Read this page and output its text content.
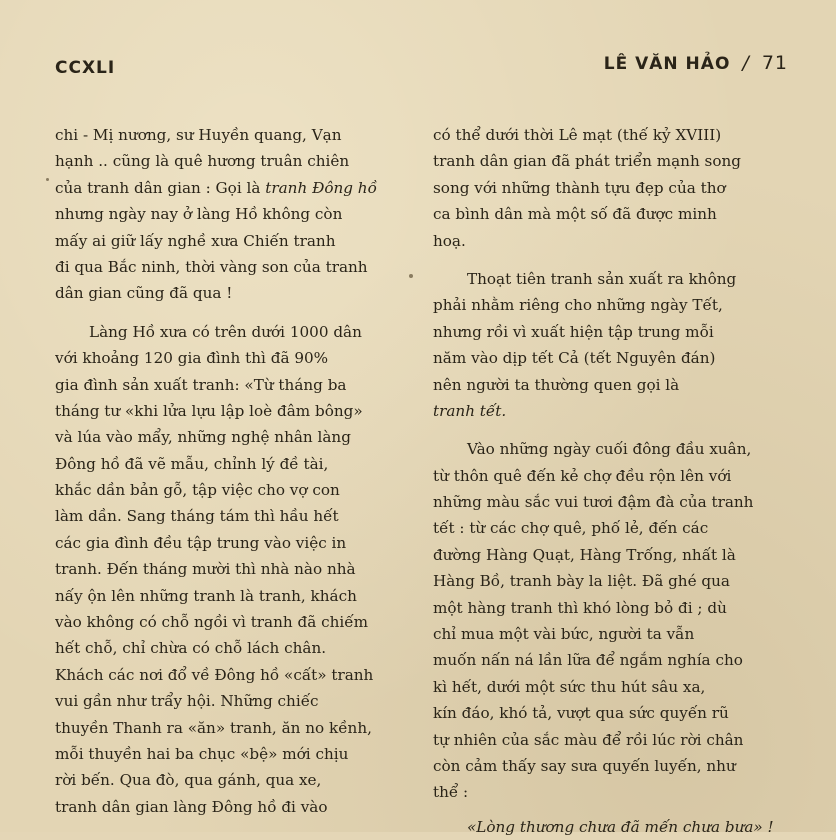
CCXLI	LÊ VĂN HẢO / 71
chi - Mị nương, sư Huyền quang, Vạn
hạnh .. cũng là quê hương truân chiên
của tranh dân gian : Gọi là tranh Đông hồ
nhưng ngày nay ở làng Hồ không còn
mấy ai giữ lấy nghề xưa Chiến tranh
đi qua Bắc ninh, thời vàng son của tranh
dân gian cũng đã qua !
Làng Hồ xưa có trên dưới 1000 dân
với khoảng 120 gia đình thì đã 90%
gia đình sản xuất tranh: «Từ tháng ba
tháng tư «khi lửa lựu lập loè đâm bông»
và lúa vào mẩy, những nghệ nhân làng
Đông hồ đã vẽ mẫu, chỉnh lý đề tài,
khắc dần bản gỗ, tập việc cho vợ con
làm dần. Sang tháng tám thì hầu hết
các gia đình đều tập trung vào việc in
tranh. Đến tháng mười thì nhà nào nhà
nấy ộn lên những tranh là tranh, khách
vào không có chỗ ngồi vì tranh đã chiếm
hết chỗ, chỉ chừa có chỗ lách chân.
Khách các nơi đổ về Đông hồ «cất» tranh
vui gần như trẩy hội. Những chiếc
thuyền Thanh ra «ăn» tranh, ăn no kềnh,
mỗi thuyền hai ba chục «bệ» mới chịu
rời bến. Qua đò, qua gánh, qua xe,
tranh dân gian làng Đông hồ đi vào
có thể dưới thời Lê mạt (thế kỷ XVIII)
tranh dân gian đã phát triển mạnh song
song với những thành tựu đẹp của thơ
ca bình dân mà một số đã được minh
hoạ.
Thoạt tiên tranh sản xuất ra không
phải nhằm riêng cho những ngày Tết,
nhưng rồi vì xuất hiện tập trung mỗi
năm vào dịp tết Cả (tết Nguyên đán)
nên người ta thường quen gọi là
tranh tết.
Vào những ngày cuối đông đầu xuân,
từ thôn quê đến kẻ chợ đều rộn lên với
những màu sắc vui tươi đậm đà của tranh
tết : từ các chợ quê, phố lẻ, đến các
đường Hàng Quạt, Hàng Trống, nhất là
Hàng Bồ, tranh bày la liệt. Đã ghé qua
một hàng tranh thì khó lòng bỏ đi ; dù
chỉ mua một vài bức, người ta vẫn
muốn nấn ná lần lữa để ngắm nghía cho
kì hết, dưới một sức thu hút sâu xa,
kín đáo, khó tả, vượt qua sức quyến rũ
tự nhiên của sắc màu để rồi lúc rời chân
còn cảm thấy say sưa quyến luyến, như
thể :
«Lòng thương chưa đã mến chưa bưa» !
